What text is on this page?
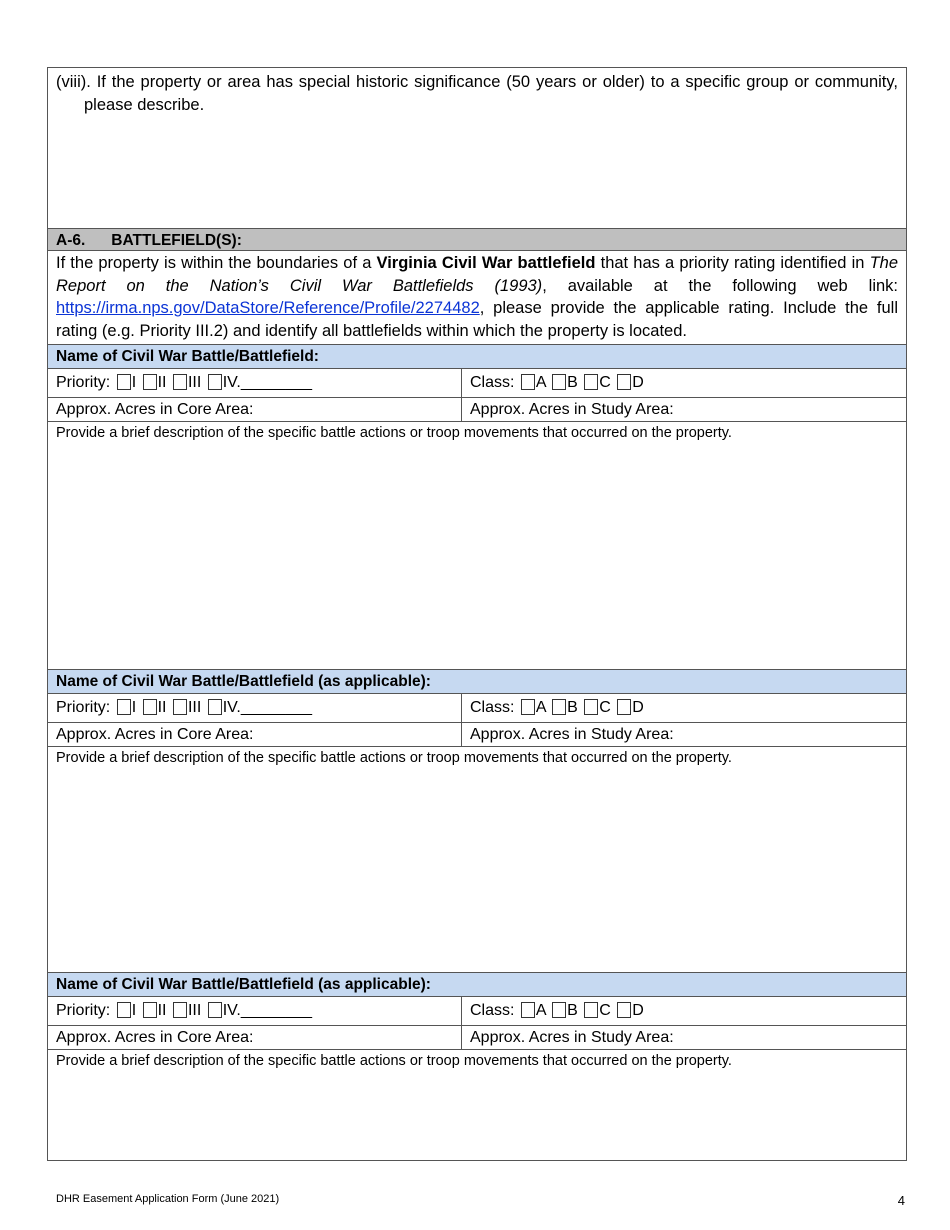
(viii). If the property or area has special historic significance (50 years or older) to a specific group or community, please describe.
A-6. BATTLEFIELD(S):
If the property is within the boundaries of a Virginia Civil War battlefield that has a priority rating identified in The Report on the Nation’s Civil War Battlefields (1993), available at the following web link: https://irma.nps.gov/DataStore/Reference/Profile/2274482, please provide the applicable rating. Include the full rating (e.g. Priority III.2) and identify all battlefields within which the property is located.
Name of Civil War Battle/Battlefield:
Priority: I II III IV.________	Class: A B C D
Approx. Acres in Core Area:	Approx. Acres in Study Area:
Provide a brief description of the specific battle actions or troop movements that occurred on the property.
Name of Civil War Battle/Battlefield (as applicable):
Priority: I II III IV.________	Class: A B C D
Approx. Acres in Core Area:	Approx. Acres in Study Area:
Provide a brief description of the specific battle actions or troop movements that occurred on the property.
Name of Civil War Battle/Battlefield (as applicable):
Priority: I II III IV.________	Class: A B C D
Approx. Acres in Core Area:	Approx. Acres in Study Area:
Provide a brief description of the specific battle actions or troop movements that occurred on the property.
DHR Easement Application Form (June 2021)	4
